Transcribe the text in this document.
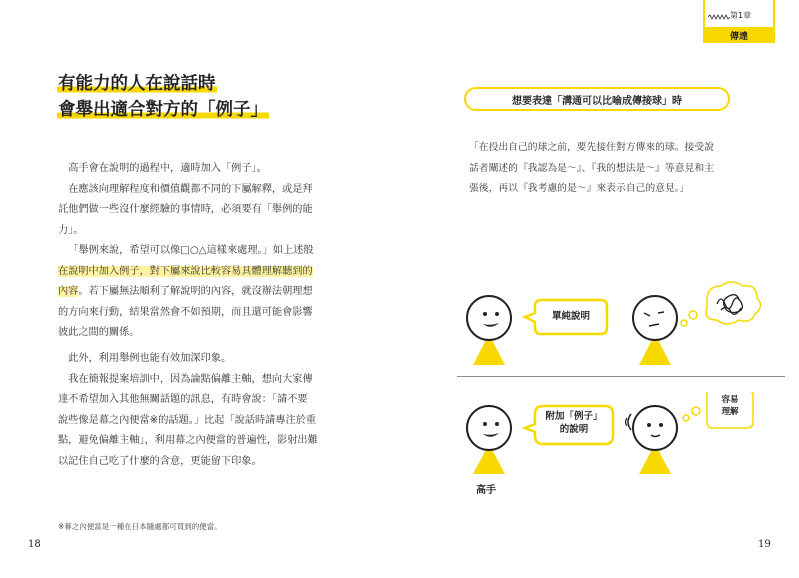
第1章
傳達
有能力的人在說話時
會舉出適合對方的「例子」

高手會在說明的過程中，適時加入「例子」。

在應該向理解程度和價值觀都不同的下屬解釋，或是拜

託他們做一些沒什麼經驗的事情時，必須要有「舉例的能

力」。

「舉例來說，希望可以像□○△這樣來處理。」如上述般

在說明中加入例子，對下屬來說比較容易具體理解聽到的

內容。若下屬無法順利了解說明的內容，就沒辦法朝理想

的方向來行動，結果當然會不如預期，而且還可能會影響

彼此之間的關係。

此外，利用舉例也能有效加深印象。

我在簡報提案培訓中，因為論點偏離主軸，想向大家傳

達不希望加入其他無關話題的訊息，有時會說：「請不要

說些像是幕之內便當※的話題。」比起「說話時請專注於重

點，避免偏離主軸」，利用幕之內便當的普遍性，影射出難

以記住自己吃了什麼的含意，更能留下印象。

※幕之內便當是一種在日本隨處都可買到的便當。
18	19
想要表達「溝通可以比喻成傳接球」時

「在投出自己的球之前，要先接住對方傳來的球。接受說

話者闡述的『我認為是〜』、『我的想法是〜』等意見和主

張後，再以『我考慮的是〜』來表示自己的意見。」

單純說明
附加「例子」
的說明
容易
理解
高手
